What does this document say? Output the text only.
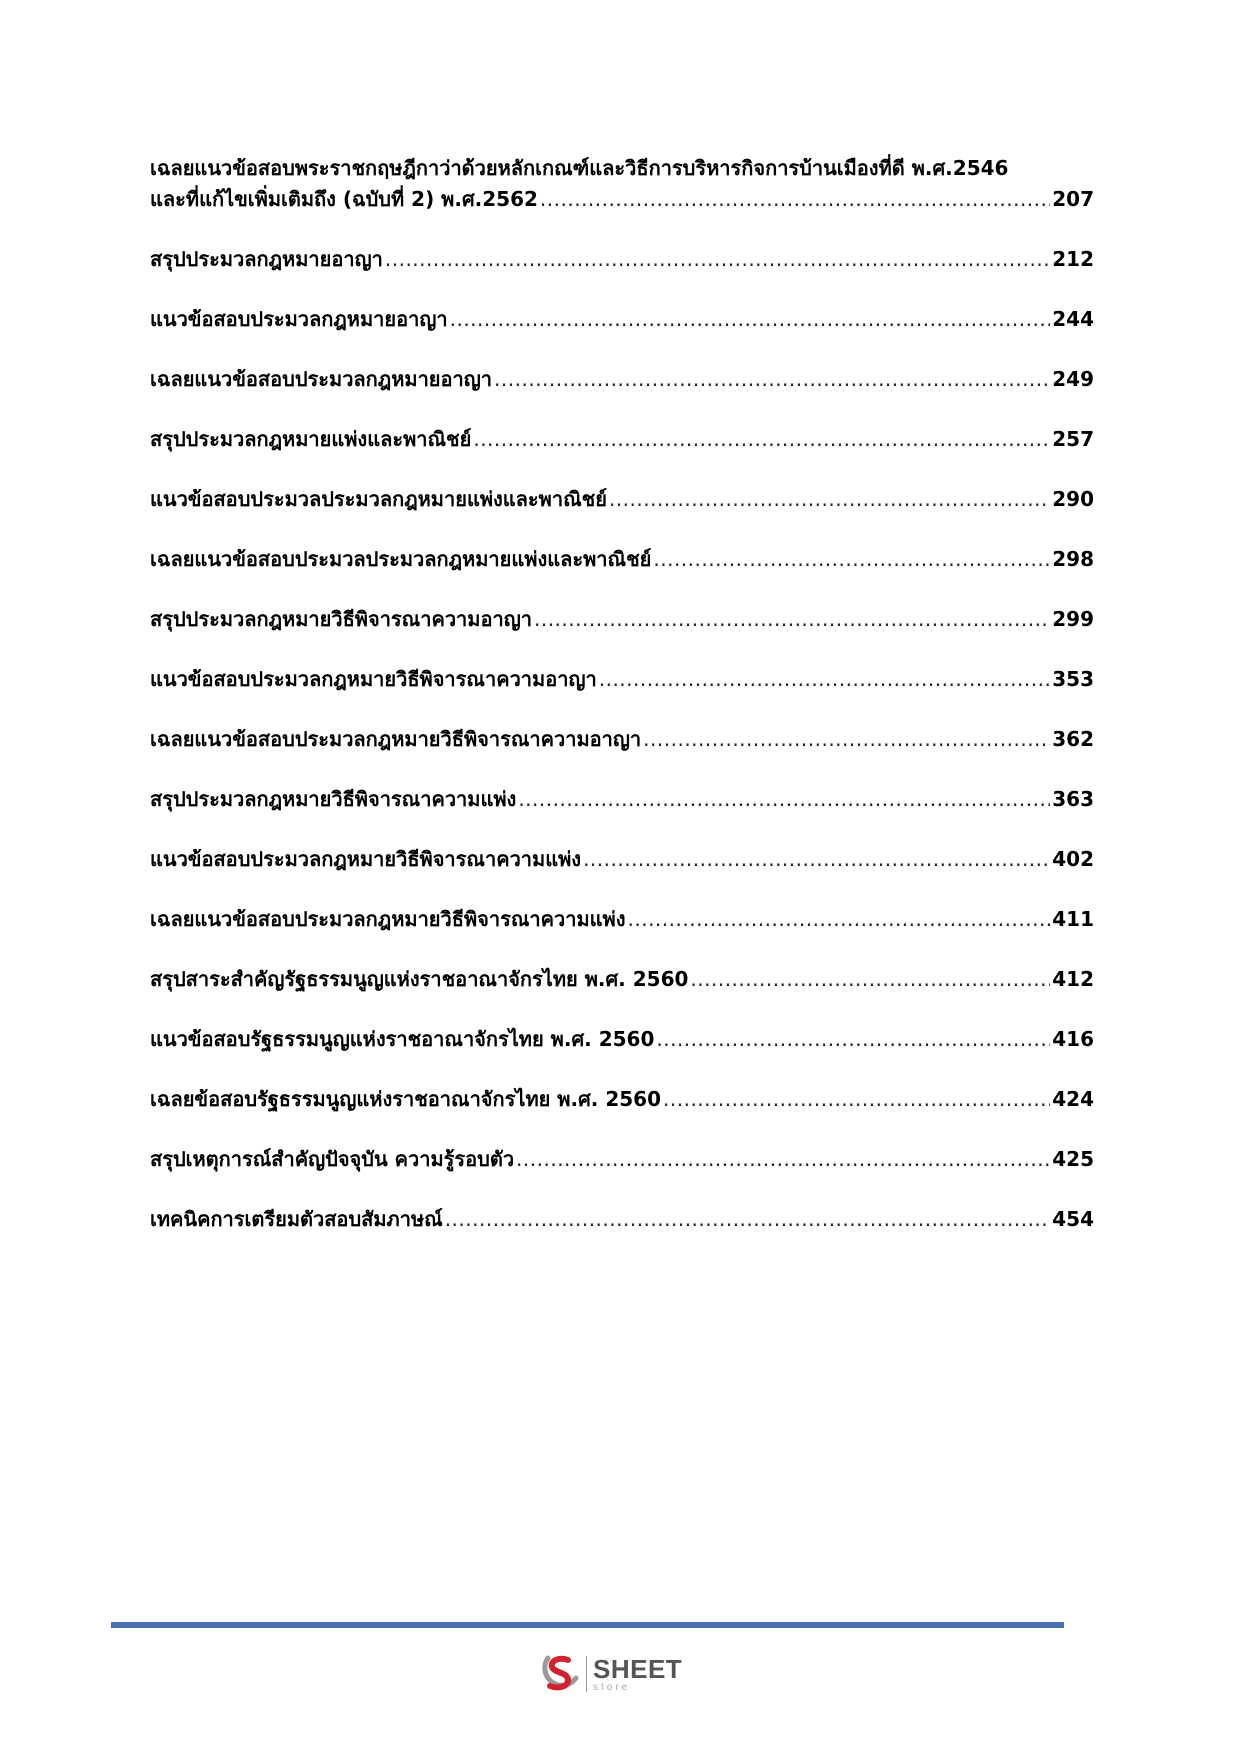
เฉลยแนวข้อสอบพระราชกฤษฎีกาว่าด้วยหลักเกณฑ์และวิธีการบริหารกิจการบ้านเมืองที่ดี พ.ศ.2546
และที่แก้ไขเพิ่มเติมถึง (ฉบับที่ 2) พ.ศ.2562 .....	207
สรุปประมวลกฎหมายอาญา .....	212
แนวข้อสอบประมวลกฎหมายอาญา .....	244
เฉลยแนวข้อสอบประมวลกฎหมายอาญา .....	249
สรุปประมวลกฎหมายแพ่งและพาณิชย์ .....	257
แนวข้อสอบประมวลประมวลกฎหมายแพ่งและพาณิชย์ .....	290
เฉลยแนวข้อสอบประมวลประมวลกฎหมายแพ่งและพาณิชย์ .....	298
สรุปประมวลกฎหมายวิธีพิจารณาความอาญา .....	299
แนวข้อสอบประมวลกฎหมายวิธีพิจารณาความอาญา .....	353
เฉลยแนวข้อสอบประมวลกฎหมายวิธีพิจารณาความอาญา .....	362
สรุปประมวลกฎหมายวิธีพิจารณาความแพ่ง .....	363
แนวข้อสอบประมวลกฎหมายวิธีพิจารณาความแพ่ง .....	402
เฉลยแนวข้อสอบประมวลกฎหมายวิธีพิจารณาความแพ่ง .....	411
สรุปสาระสำคัญรัฐธรรมนูญแห่งราชอาณาจักรไทย พ.ศ. 2560 .....	412
แนวข้อสอบรัฐธรรมนูญแห่งราชอาณาจักรไทย พ.ศ. 2560 .....	416
เฉลยข้อสอบรัฐธรรมนูญแห่งราชอาณาจักรไทย พ.ศ. 2560 .....	424
สรุปเหตุการณ์สำคัญปัจจุบัน ความรู้รอบตัว .....	425
เทคนิคการเตรียมตัวสอบสัมภาษณ์ .....	454
SHEET
store
